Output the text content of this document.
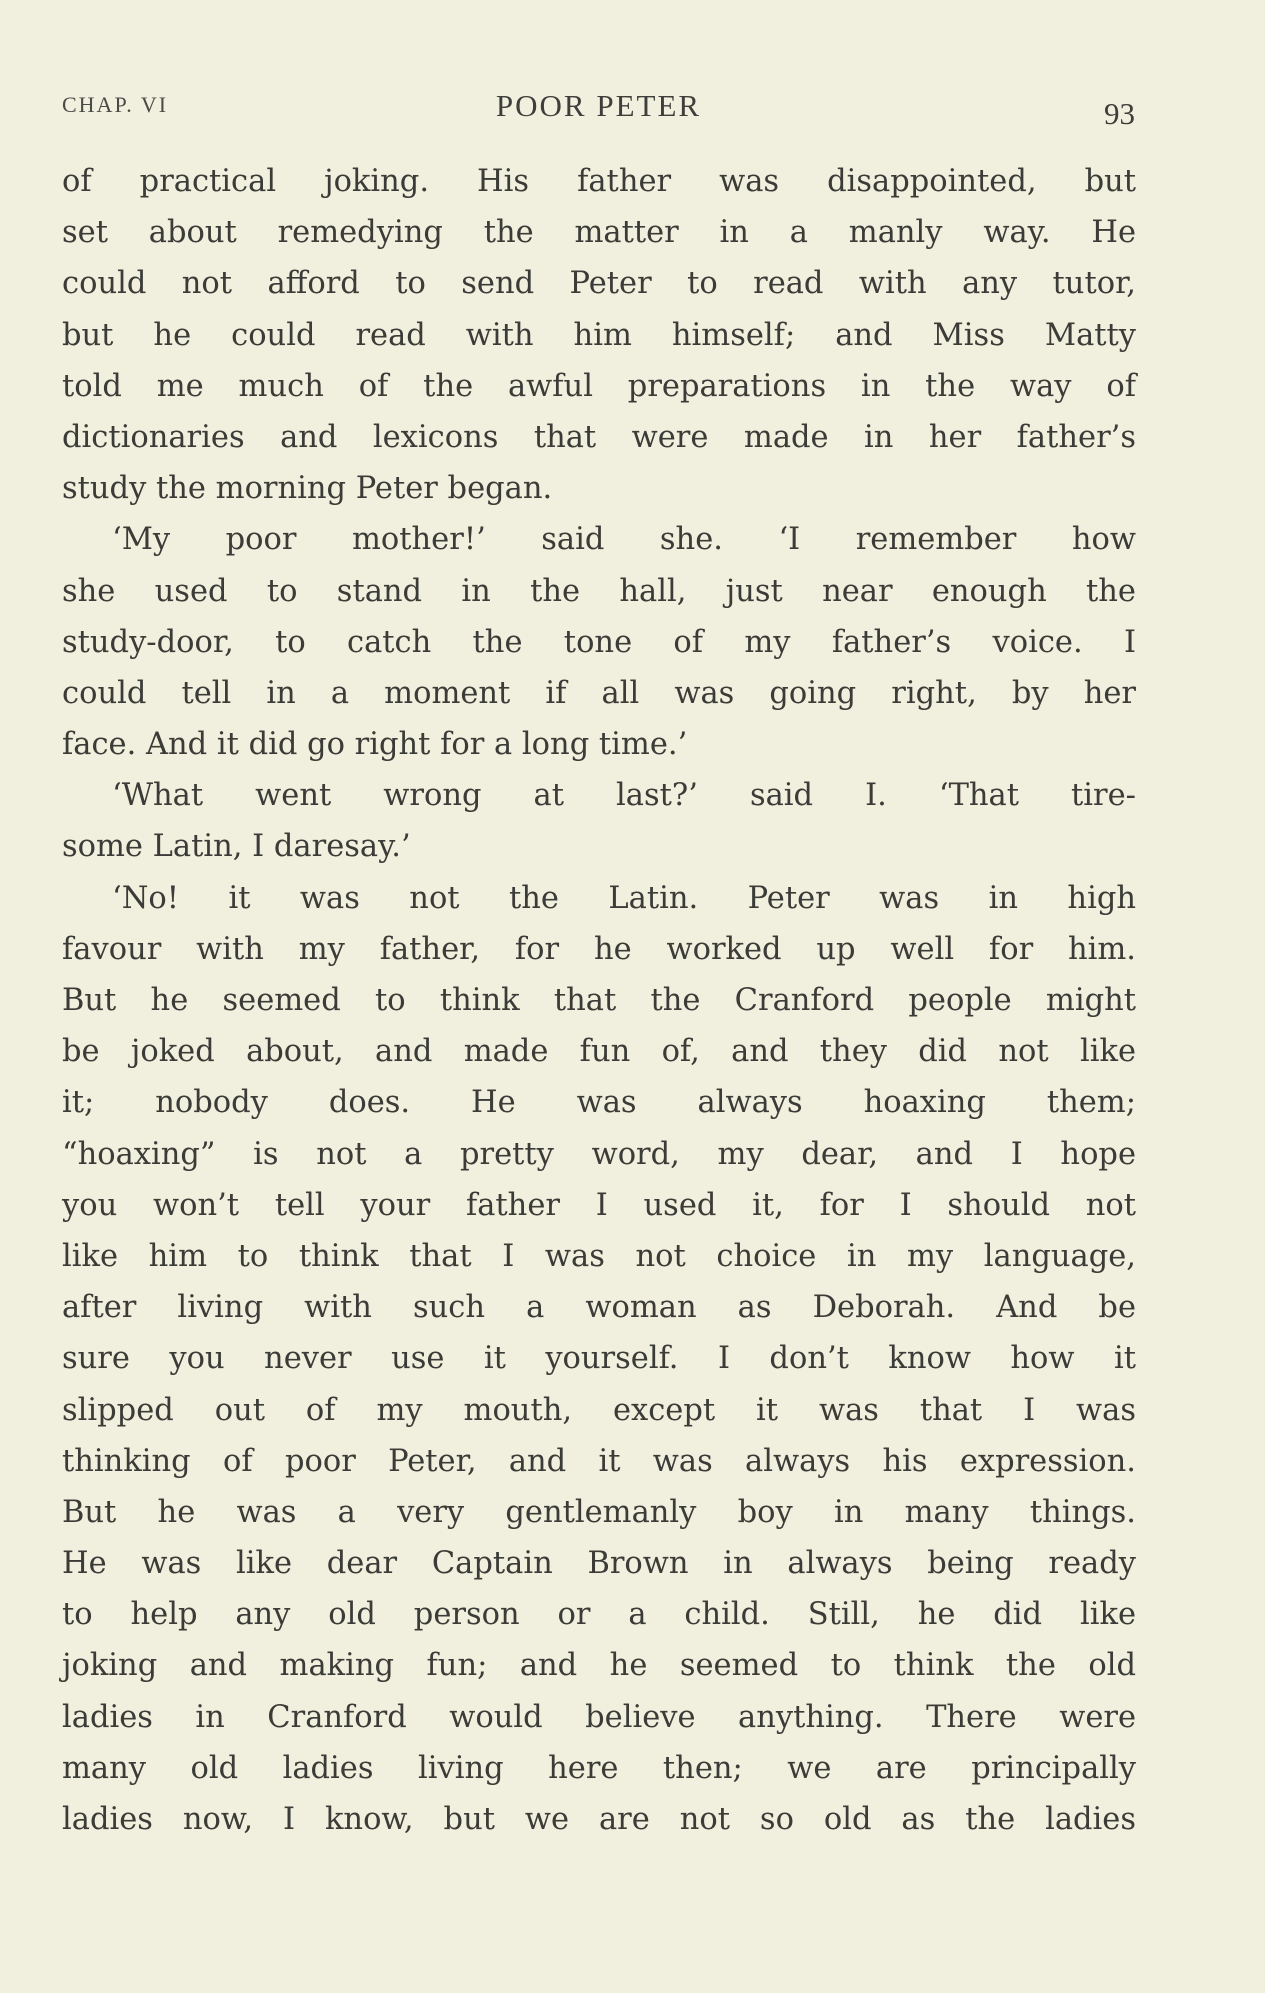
CHAP. VI	POOR PETER	93
of practical joking. His father was disappointed, but
set about remedying the matter in a manly way. He
could not afford to send Peter to read with any tutor,
but he could read with him himself; and Miss Matty
told me much of the awful preparations in the way of
dictionaries and lexicons that were made in her father’s
study the morning Peter began.
‘My poor mother!’ said she. ‘I remember how
she used to stand in the hall, just near enough the
study-door, to catch the tone of my father’s voice. I
could tell in a moment if all was going right, by her
face. And it did go right for a long time.’
‘What went wrong at last?’ said I. ‘That tire-
some Latin, I daresay.’
‘No! it was not the Latin. Peter was in high
favour with my father, for he worked up well for him.
But he seemed to think that the Cranford people might
be joked about, and made fun of, and they did not like
it; nobody does. He was always hoaxing them;
“hoaxing” is not a pretty word, my dear, and I hope
you won’t tell your father I used it, for I should not
like him to think that I was not choice in my language,
after living with such a woman as Deborah. And be
sure you never use it yourself. I don’t know how it
slipped out of my mouth, except it was that I was
thinking of poor Peter, and it was always his expression.
But he was a very gentlemanly boy in many things.
He was like dear Captain Brown in always being ready
to help any old person or a child. Still, he did like
joking and making fun; and he seemed to think the old
ladies in Cranford would believe anything. There were
many old ladies living here then; we are principally
ladies now, I know, but we are not so old as the ladies
